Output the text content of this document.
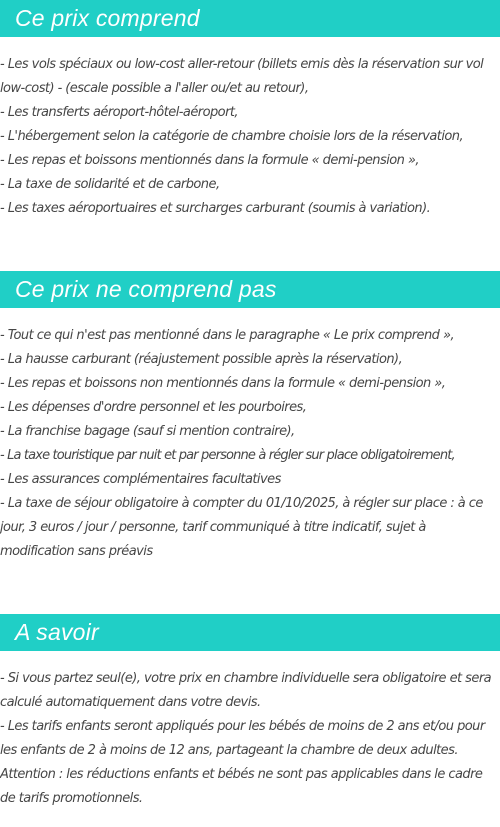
Ce prix comprend
- Les vols spéciaux ou low-cost aller-retour (billets emis dès la réservation sur vol low-cost) - (escale possible a l'aller ou/et au retour),
- Les transferts aéroport-hôtel-aéroport,
- L'hébergement selon la catégorie de chambre choisie lors de la réservation,
- Les repas et boissons mentionnés dans la formule « demi-pension »,
- La taxe de solidarité et de carbone,
- Les taxes aéroportuaires et surcharges carburant (soumis à variation).
Ce prix ne comprend pas
- Tout ce qui n'est pas mentionné dans le paragraphe « Le prix comprend »,
- La hausse carburant (réajustement possible après la réservation),
- Les repas et boissons non mentionnés dans la formule « demi-pension »,
- Les dépenses d'ordre personnel et les pourboires,
- La franchise bagage (sauf si mention contraire),
- La taxe touristique par nuit et par personne à régler sur place obligatoirement,
- Les assurances complémentaires facultatives
- La taxe de séjour obligatoire à compter du 01/10/2025, à régler sur place : à ce jour, 3 euros / jour / personne, tarif communiqué à titre indicatif, sujet à modification sans préavis
A savoir
- Si vous partez seul(e), votre prix en chambre individuelle sera obligatoire et sera calculé automatiquement dans votre devis.
- Les tarifs enfants seront appliqués pour les bébés de moins de 2 ans et/ou pour les enfants de 2 à moins de 12 ans, partageant la chambre de deux adultes.
Attention : les réductions enfants et bébés ne sont pas applicables dans le cadre de tarifs promotionnels.
